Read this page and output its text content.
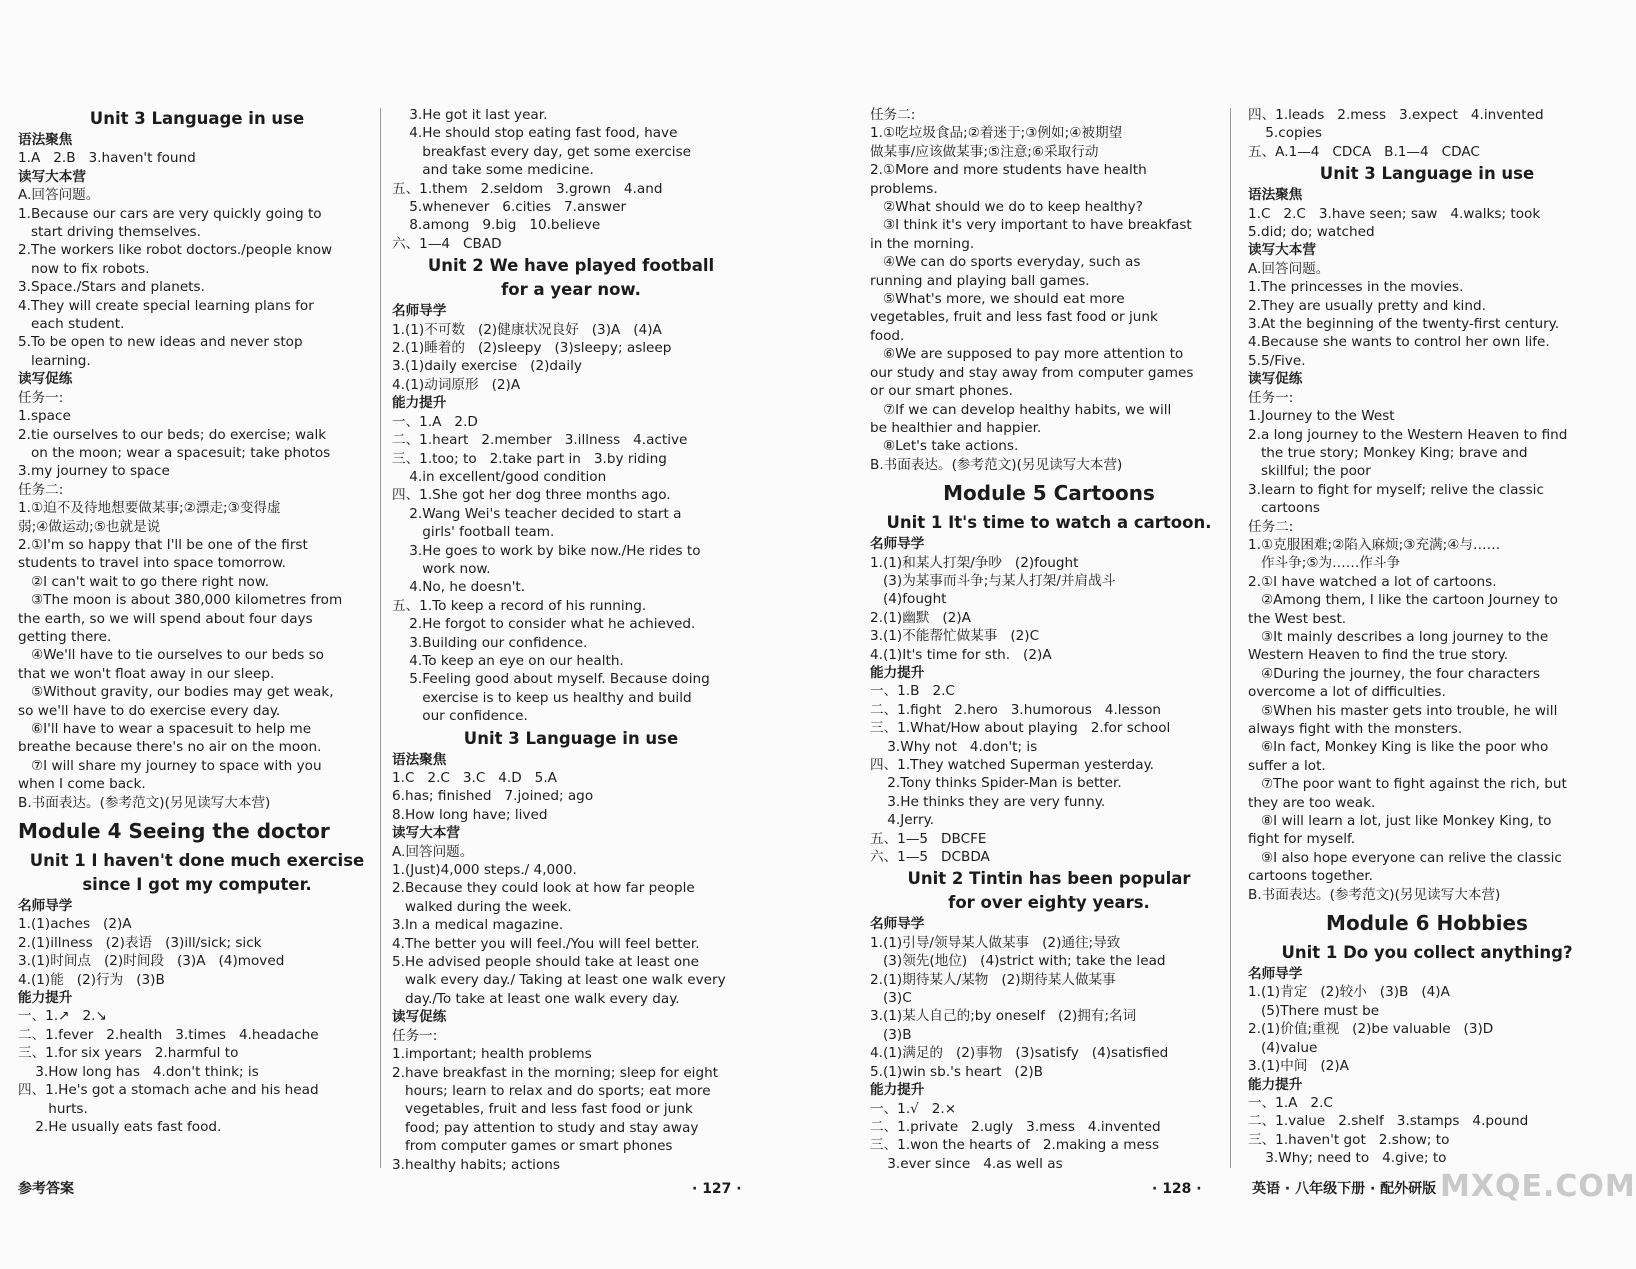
Unit 3 Language in use
语法聚焦
1.A   2.B   3.haven't found
读写大本营
A.回答问题。
1.Because our cars are very quickly going to
start driving themselves.
2.The workers like robot doctors./people know
now to fix robots.
3.Space./Stars and planets.
4.They will create special learning plans for
each student.
5.To be open to new ideas and never stop
learning.
读写促练
任务一:
1.space
2.tie ourselves to our beds; do exercise; walk
on the moon; wear a spacesuit; take photos
3.my journey to space
任务二:
1.①迫不及待地想要做某事;②漂走;③变得虚
弱;④做运动;⑤也就是说
2.①I'm so happy that I'll be one of the first
students to travel into space tomorrow.
②I can't wait to go there right now.
③The moon is about 380,000 kilometres from
the earth, so we will spend about four days
getting there.
④We'll have to tie ourselves to our beds so
that we won't float away in our sleep.
⑤Without gravity, our bodies may get weak,
so we'll have to do exercise every day.
⑥I'll have to wear a spacesuit to help me
breathe because there's no air on the moon.
⑦I will share my journey to space with you
when I come back.
B.书面表达。(参考范文)(另见读写大本营)
Module 4 Seeing the doctor
Unit 1 I haven't done much exercise
since I got my computer.
名师导学
1.(1)aches   (2)A
2.(1)illness   (2)表语   (3)ill/sick; sick
3.(1)时间点   (2)时间段   (3)A   (4)moved
4.(1)能   (2)行为   (3)B
能力提升
一、1.↗   2.↘
二、1.fever   2.health   3.times   4.headache
三、1.for six years   2.harmful to
3.How long has   4.don't think; is
四、1.He's got a stomach ache and his head
hurts.
2.He usually eats fast food.
3.He got it last year.
4.He should stop eating fast food, have
breakfast every day, get some exercise
and take some medicine.
五、1.them   2.seldom   3.grown   4.and
5.whenever   6.cities   7.answer
8.among   9.big   10.believe
六、1—4   CBAD
Unit 2 We have played football
for a year now.
名师导学
1.(1)不可数   (2)健康状况良好   (3)A   (4)A
2.(1)睡着的   (2)sleepy   (3)sleepy; asleep
3.(1)daily exercise   (2)daily
4.(1)动词原形   (2)A
能力提升
一、1.A   2.D
二、1.heart   2.member   3.illness   4.active
三、1.too; to   2.take part in   3.by riding
4.in excellent/good condition
四、1.She got her dog three months ago.
2.Wang Wei's teacher decided to start a
girls' football team.
3.He goes to work by bike now./He rides to
work now.
4.No, he doesn't.
五、1.To keep a record of his running.
2.He forgot to consider what he achieved.
3.Building our confidence.
4.To keep an eye on our health.
5.Feeling good about myself. Because doing
exercise is to keep us healthy and build
our confidence.
Unit 3 Language in use
语法聚焦
1.C   2.C   3.C   4.D   5.A
6.has; finished   7.joined; ago
8.How long have; lived
读写大本营
A.回答问题。
1.(Just)4,000 steps./ 4,000.
2.Because they could look at how far people
walked during the week.
3.In a medical magazine.
4.The better you will feel./You will feel better.
5.He advised people should take at least one
walk every day./ Taking at least one walk every
day./To take at least one walk every day.
读写促练
任务一:
1.important; health problems
2.have breakfast in the morning; sleep for eight
hours; learn to relax and do sports; eat more
vegetables, fruit and less fast food or junk
food; pay attention to study and stay away
from computer games or smart phones
3.healthy habits; actions
任务二:
1.①吃垃圾食品;②着迷于;③例如;④被期望
做某事/应该做某事;⑤注意;⑥采取行动
2.①More and more students have health
problems.
②What should we do to keep healthy?
③I think it's very important to have breakfast
in the morning.
④We can do sports everyday, such as
running and playing ball games.
⑤What's more, we should eat more
vegetables, fruit and less fast food or junk
food.
⑥We are supposed to pay more attention to
our study and stay away from computer games
or our smart phones.
⑦If we can develop healthy habits, we will
be healthier and happier.
⑧Let's take actions.
B.书面表达。(参考范文)(另见读写大本营)
Module 5 Cartoons
Unit 1 It's time to watch a cartoon.
名师导学
1.(1)和某人打架/争吵   (2)fought
(3)为某事而斗争;与某人打架/并肩战斗
(4)fought
2.(1)幽默   (2)A
3.(1)不能帮忙做某事   (2)C
4.(1)It's time for sth.   (2)A
能力提升
一、1.B   2.C
二、1.fight   2.hero   3.humorous   4.lesson
三、1.What/How about playing   2.for school
3.Why not   4.don't; is
四、1.They watched Superman yesterday.
2.Tony thinks Spider-Man is better.
3.He thinks they are very funny.
4.Jerry.
五、1—5   DBCFE
六、1—5   DCBDA
Unit 2 Tintin has been popular
for over eighty years.
名师导学
1.(1)引导/领导某人做某事   (2)通往;导致
(3)领先(地位)   (4)strict with; take the lead
2.(1)期待某人/某物   (2)期待某人做某事
(3)C
3.(1)某人自己的;by oneself   (2)拥有;名词
(3)B
4.(1)满足的   (2)事物   (3)satisfy   (4)satisfied
5.(1)win sb.'s heart   (2)B
能力提升
一、1.√   2.×
二、1.private   2.ugly   3.mess   4.invented
三、1.won the hearts of   2.making a mess
3.ever since   4.as well as
四、1.leads   2.mess   3.expect   4.invented
5.copies
五、A.1—4   CDCA   B.1—4   CDAC
Unit 3 Language in use
语法聚焦
1.C   2.C   3.have seen; saw   4.walks; took
5.did; do; watched
读写大本营
A.回答问题。
1.The princesses in the movies.
2.They are usually pretty and kind.
3.At the beginning of the twenty-first century.
4.Because she wants to control her own life.
5.5/Five.
读写促练
任务一:
1.Journey to the West
2.a long journey to the Western Heaven to find
the true story; Monkey King; brave and
skillful; the poor
3.learn to fight for myself; relive the classic
cartoons
任务二:
1.①克服困难;②陷入麻烦;③充满;④与……
作斗争;⑤为……作斗争
2.①I have watched a lot of cartoons.
②Among them, I like the cartoon Journey to
the West best.
③It mainly describes a long journey to the
Western Heaven to find the true story.
④During the journey, the four characters
overcome a lot of difficulties.
⑤When his master gets into trouble, he will
always fight with the monsters.
⑥In fact, Monkey King is like the poor who
suffer a lot.
⑦The poor want to fight against the rich, but
they are too weak.
⑧I will learn a lot, just like Monkey King, to
fight for myself.
⑨I also hope everyone can relive the classic
cartoons together.
B.书面表达。(参考范文)(另见读写大本营)
Module 6 Hobbies
Unit 1 Do you collect anything?
名师导学
1.(1)肯定   (2)较小   (3)B   (4)A
(5)There must be
2.(1)价值;重视   (2)be valuable   (3)D
(4)value
3.(1)中间   (2)A
能力提升
一、1.A   2.C
二、1.value   2.shelf   3.stamps   4.pound
三、1.haven't got   2.show; to
3.Why; need to   4.give; to
参考答案	· 127 ·	· 128 ·	英语 · 八年级下册 · 配外研版 MXQE.COM
